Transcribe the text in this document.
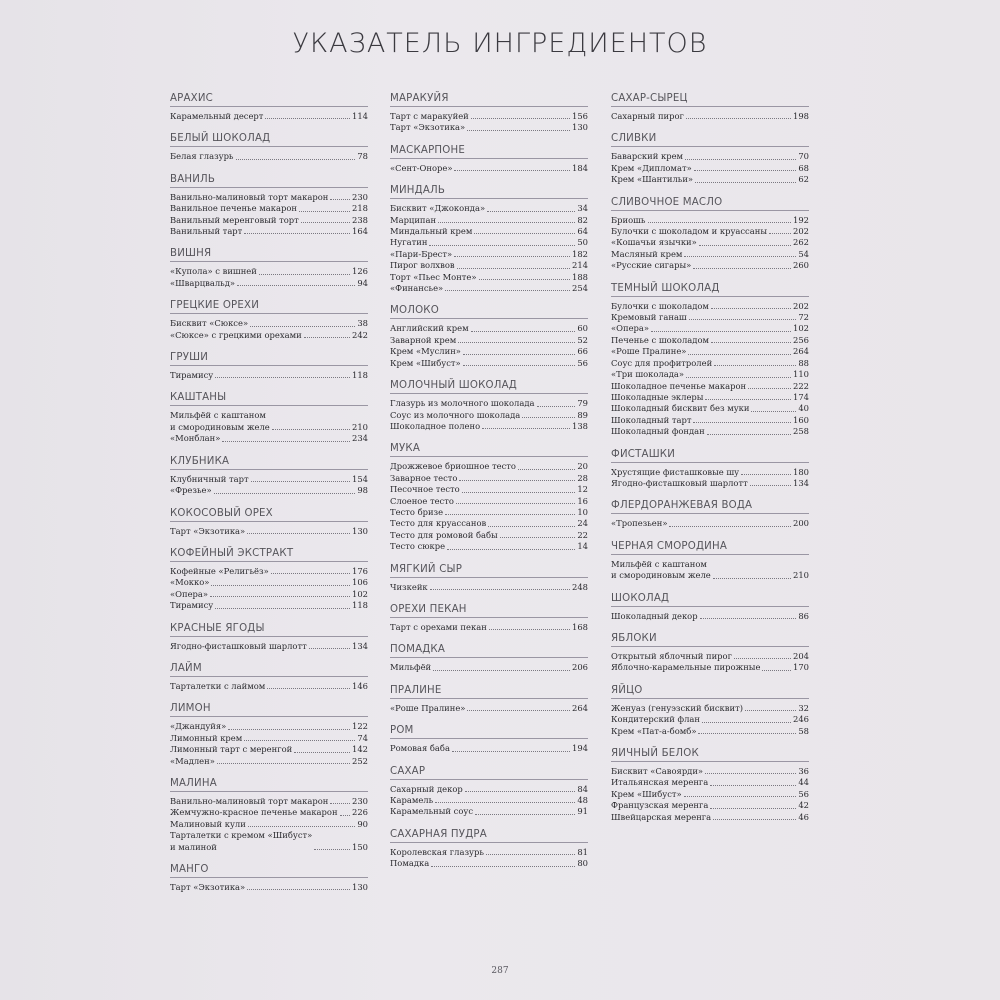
УКАЗАТЕЛЬ ИНГРЕДИЕНТОВ
АРАХИС
Карамельный десерт	114
БЕЛЫЙ ШОКОЛАД
Белая глазурь	78
ВАНИЛЬ
Ванильно-малиновый торт макарон	230
Ванильное печенье макарон	218
Ванильный меренговый торт	238
Ванильный тарт	164
ВИШНЯ
«Купола» с вишней	126
«Шварцвальд»	94
ГРЕЦКИЕ ОРЕХИ
Бисквит «Сюксе»	38
«Сюксе» с грецкими орехами	242
ГРУШИ
Тирамису	118
КАШТАНЫ
Мильфёй с каштаном
и смородиновым желе	210
«Монблан»	234
КЛУБНИКА
Клубничный тарт	154
«Фрезье»	98
КОКОСОВЫЙ ОРЕХ
Тарт «Экзотика»	130
КОФЕЙНЫЙ ЭКСТРАКТ
Кофейные «Религьёз»	176
«Мокко»	106
«Опера»	102
Тирамису	118
КРАСНЫЕ ЯГОДЫ
Ягодно-фисташковый шарлотт	134
ЛАЙМ
Тарталетки с лаймом	146
ЛИМОН
«Джандуйя»	122
Лимонный крем	74
Лимонный тарт с меренгой	142
«Мадлен»	252
МАЛИНА
Ванильно-малиновый торт макарон	230
Жемчужно-красное печенье макарон 226
Малиновый кули	90
Тарталетки с кремом «Шибуст»
и малиной	150
МАНГО
Тарт «Экзотика»	130
МАРАКУЙЯ
Тарт с маракуйей	156
Тарт «Экзотика»	130
МАСКАРПОНЕ
«Сент-Оноре»	184
МИНДАЛЬ
Бисквит «Джоконда»	34
Марципан	82
Миндальный крем	64
Нугатин	50
«Пари-Брест»	182
Пирог волхвов	214
Торт «Пьес Монте»	188
«Финансье»	254
МОЛОКО
Английский крем	60
Заварной крем	52
Крем «Муслин»	66
Крем «Шибуст»	56
МОЛОЧНЫЙ ШОКОЛАД
Глазурь из молочного шоколада	79
Соус из молочного шоколада	89
Шоколадное полено	138
МУКА
Дрожжевое бриошное тесто	20
Заварное тесто	28
Песочное тесто	12
Слоеное тесто	16
Тесто бризе	10
Тесто для круассанов	24
Тесто для ромовой бабы	22
Тесто сюкре	14
МЯГКИЙ СЫР
Чизкейк	248
ОРЕХИ ПЕКАН
Тарт с орехами пекан	168
ПОМАДКА
Мильфёй	206
ПРАЛИНЕ
«Роше Пралине»	264
РОМ
Ромовая баба	194
САХАР
Сахарный декор	84
Карамель	48
Карамельный соус	91
САХАРНАЯ ПУДРА
Королевская глазурь	81
Помадка	80
САХАР-СЫРЕЦ
Сахарный пирог	198
СЛИВКИ
Баварский крем	70
Крем «Дипломат»	68
Крем «Шантильи»	62
СЛИВОЧНОЕ МАСЛО
Бриошь	192
Булочки с шоколадом и круассаны	202
«Кошачьи язычки»	262
Масляный крем	54
«Русские сигары»	260
ТЕМНЫЙ ШОКОЛАД
Булочки с шоколадом	202
Кремовый ганаш	72
«Опера»	102
Печенье с шоколадом	256
«Роше Пралине»	264
Соус для профитролей	88
«Три шоколада»	110
Шоколадное печенье макарон	222
Шоколадные эклеры	174
Шоколадный бисквит без муки	40
Шоколадный тарт	160
Шоколадный фондан	258
ФИСТАШКИ
Хрустящие фисташковые шу	180
Ягодно-фисташковый шарлотт	134
ФЛЕРДОРАНЖЕВАЯ ВОДА
«Тропезьен»	200
ЧЕРНАЯ СМОРОДИНА
Мильфёй с каштаном
и смородиновым желе	210
ШОКОЛАД
Шоколадный декор	86
ЯБЛОКИ
Открытый яблочный пирог	204
Яблочно-карамельные пирожные	170
ЯЙЦО
Женуаз (генуэзский бисквит)	32
Кондитерский флан	246
Крем «Пат-а-бомб»	58
ЯИЧНЫЙ БЕЛОК
Бисквит «Савоярди»	36
Итальянская меренга	44
Крем «Шибуст»	56
Французская меренга	42
Швейцарская меренга	46
287
